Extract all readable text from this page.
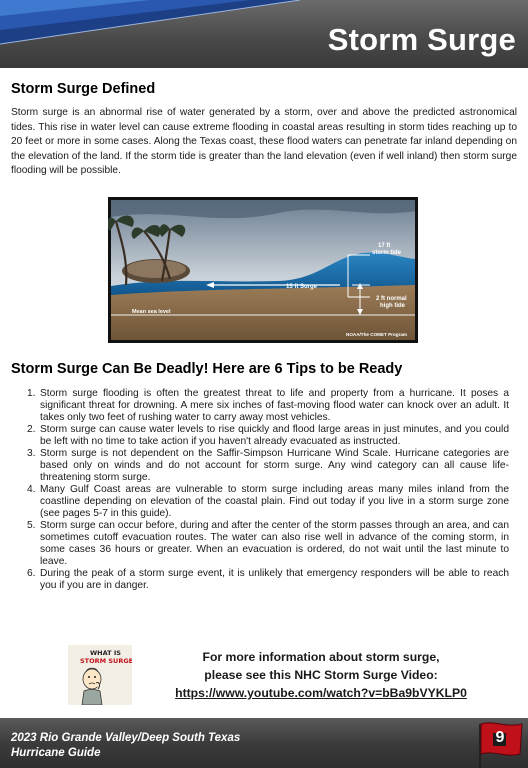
Storm Surge
Storm Surge Defined

Storm surge is an abnormal rise of water generated by a storm, over and above the predicted astronomical tides. This rise in water level can cause extreme flooding in coastal areas resulting in storm tides reaching up to 20 feet or more in some cases. Along the Texas coast, these flood waters can penetrate far inland depending on the elevation of the land. If the storm tide is greater than the land elevation (even if well inland) then storm surge flooding will be possible.

17 ft
storm tide
15 ft Surge
2 ft normal
high tide
Mean sea level
NOAA/The COMET Program
Storm Surge Can Be Deadly! Here are 6 Tips to be Ready
1. Storm surge flooding is often the greatest threat to life and property from a hurricane. It poses a significant threat for drowning. A mere six inches of fast-moving flood water can knock over an adult. It takes only two feet of rushing water to carry away most vehicles.
2. Storm surge can cause water levels to rise quickly and flood large areas in just minutes, and you could be left with no time to take action if you haven't already evacuated as instructed.
3. Storm surge is not dependent on the Saffir-Simpson Hurricane Wind Scale. Hurricane categories are based only on winds and do not account for storm surge. Any wind category can all cause life-threatening storm surge.
4. Many Gulf Coast areas are vulnerable to storm surge including areas many miles inland from the coastline depending on elevation of the coastal plain. Find out today if you live in a storm surge zone (see pages 5-7 in this guide).
5. Storm surge can occur before, during and after the center of the storm passes through an area, and can sometimes cutoff evacuation routes. The water can also rise well in advance of the coming storm, in some cases 36 hours or greater. When an evacuation is ordered, do not wait until the last minute to leave.
6. During the peak of a storm surge event, it is unlikely that emergency responders will be able to reach you if you are in danger.
WHAT IS
STORM SURGE?	For more information about storm surge,
please see this NHC Storm Surge Video:
https://www.youtube.com/watch?v=bBa9bVYKLP0
2023 Rio Grande Valley/Deep South Texas
Hurricane Guide
9
